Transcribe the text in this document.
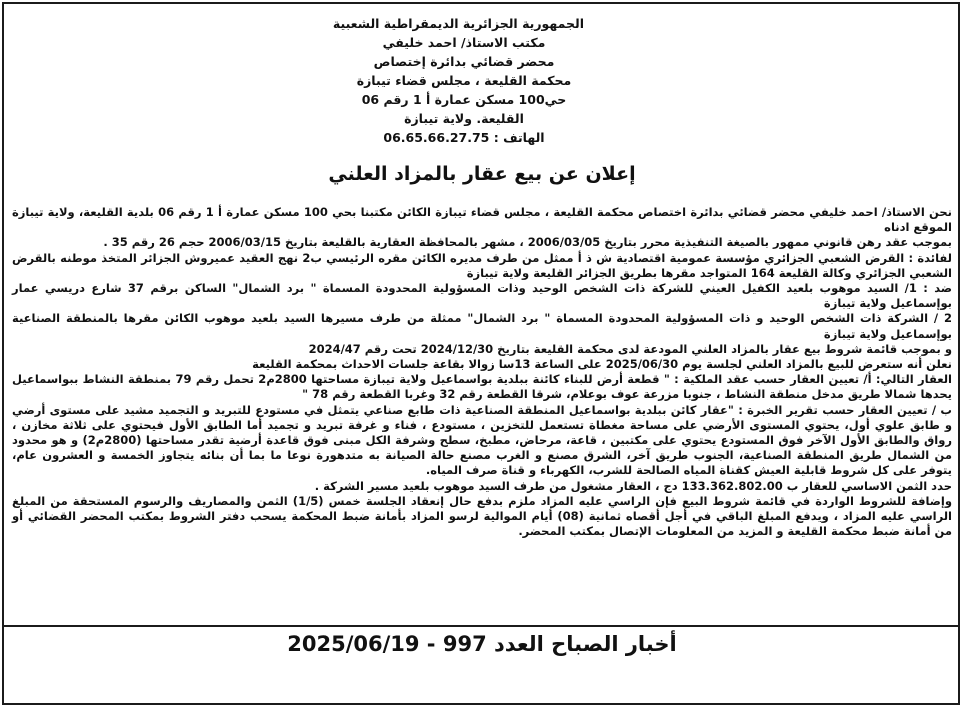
الجمهورية الجزائرية الديمقراطية الشعبية
مكتب الاستاذ/ احمد خليفي
محضر قضائي بدائرة إختصاص
محكمة القليعة ، مجلس قضاء تيبازة
حي100 مسكن عمارة أ 1 رقم 06
القليعة. ولاية تيبازة
الهاتف : 06.65.66.27.75
إعلان عن بيع عقار بالمزاد العلني

نحن الاستاذ/ احمد خليفي محضر قضائي بدائرة اختصاص محكمة القليعة ، مجلس قضاء تيبازة الكائن مكتبنا بحي 100 مسكن عمارة أ 1 رقم 06 بلدية القليعة، ولاية تيبازة الموقع ادناه

بموجب عقد رهن قانوني ممهور بالصيغة التنفيذية محرر بتاريخ 2006/03/05 ، مشهر بالمحافظة العقارية بالقليعة بتاريخ 2006/03/15 حجم 26 رقم 35 .

لفائدة : القرض الشعبي الجزائري مؤسسة عمومية اقتصادية ش ذ أ ممثل من طرف مديره الكائن مقره الرئيسي ب2 نهج العقيد عميروش الجزائر المتخذ موطنه بالقرض الشعبي الجزائري وكالة القليعة 164 المتواجد مقرها بطريق الجزائر القليعة ولاية تيبازة

ضد : 1/ السيد موهوب بلعيد الكفيل العيني للشركة ذات الشخص الوحيد وذات المسؤولية المحدودة المسماة " برد الشمال" الساكن برقم 37 شارع دريسي عمار بوإسماعيل ولاية تيبازة

2 / الشركة ذات الشخص الوحيد و ذات المسؤولية المحدودة المسماة " برد الشمال" ممثلة من طرف مسيرها السيد بلعيد موهوب الكائن مقرها بالمنطقة الصناعية بوإسماعيل ولاية تيبازة

و بموجب قائمة شروط بيع عقار بالمزاد العلني المودعة لدى محكمة القليعة بتاريخ 2024/12/30 تحت رقم 2024/47

نعلن أنه ستعرض للبيع بالمزاد العلني لجلسة يوم 2025/06/30 على الساعة 13سا زوالا بقاعة جلسات الاحداث بمحكمة القليعة

العقار التالي: أ/ تعيين العقار حسب عقد الملكية : " قطعة أرض للبناء كائنة ببلدية بواسماعيل ولاية تيبازة مساحتها 2800م2 تحمل رقم 79 بمنطقة النشاط ببواسماعيل يحدها شمالا طريق مدخل منطقة النشاط ، جنوبا مزرعة عوف بوعلام، شرقا القطعة رقم 32 وغربا القطعة رقم 78 "

ب / تعيين العقار حسب تقرير الخبرة : "عقار كائن ببلدية بواسماعيل المنطقة الصناعية ذات طابع صناعي يتمثل في مستودع للتبريد و التجميد مشيد على مستوى أرضي و طابق علوي أول، يحتوي المستوى الأرضي على مساحة مغطاة تستعمل للتخزين ، مستودع ، فناء و غرفة تبريد و تجميد أما الطابق الأول فيحتوي على ثلاثة مخازن ، رواق والطابق الأول الآخر فوق المستودع يحتوي على مكتبين ، قاعة، مرحاض، مطبخ، سطح وشرفة الكل مبنى فوق قاعدة أرضية تقدر مساحتها (2800م2) و هو محدود من الشمال طريق المنطقة الصناعية، الجنوب طريق آخر، الشرق مصنع و الغرب مصنع حالة الصيانة به متدهورة نوعا ما بما أن بنائه يتجاوز الخمسة و العشرون عام، يتوفر على كل شروط قابلية العيش كقناة المياه الصالحة للشرب، الكهرباء و قناة صرف المياه.

حدد الثمن الاساسي للعقار ب 133.362.802.00 دج ، العقار مشغول من طرف السيد موهوب بلعيد مسير الشركة .

وإضافة للشروط الواردة في قائمة شروط البيع فإن الراسي عليه المزاد ملزم بدفع حال إنعقاد الجلسة خمس (1/5) الثمن والمصاريف والرسوم المستحقة من المبلغ الراسي عليه المزاد ، ويدفع المبلغ الباقي في أجل أقصاه ثمانية (08) أيام الموالية لرسو المزاد بأمانة ضبط المحكمة يسحب دفتر الشروط بمكتب المحضر القضائي أو من أمانة ضبط محكمة القليعة و المزيد من المعلومات الإتصال بمكتب المحضر.

أخبار الصباح العدد 997 - 2025/06/19
